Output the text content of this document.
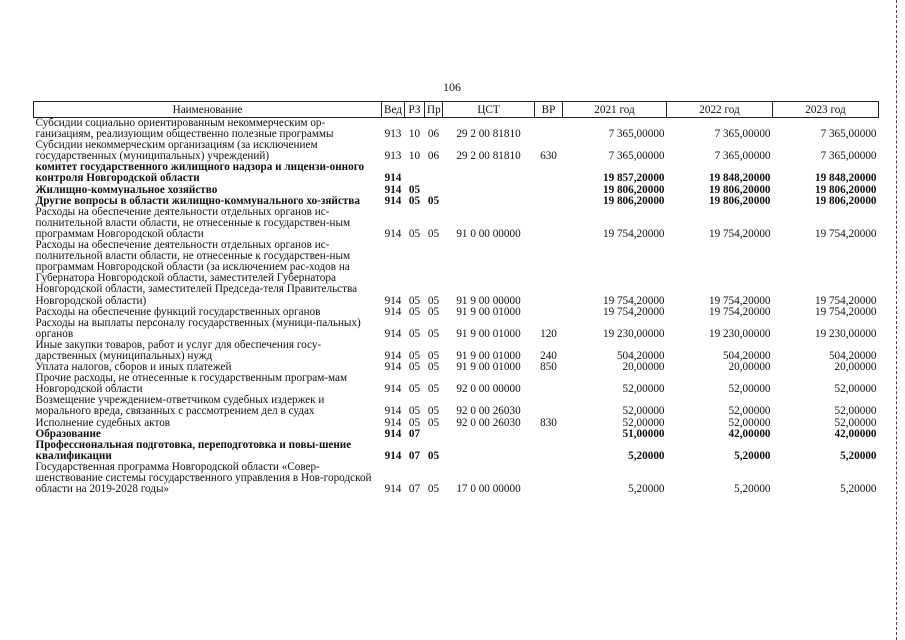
106
Наименование	Вед	РЗ	Пр	ЦСТ	ВР	2021 год	2022 год	2023 год
Субсидии социально ориентированным некоммерческим ор-ганизациям, реализующим общественно полезные программы	913	10	06	29 2 00 81810		7 365,00000	7 365,00000	7 365,00000
Субсидии некоммерческим организациям (за исключением государственных (муниципальных) учреждений)	913	10	06	29 2 00 81810	630	7 365,00000	7 365,00000	7 365,00000
комитет государственного жилищного надзора и лицензи-онного контроля Новгородской области	914					19 857,20000	19 848,20000	19 848,20000
Жилищно-коммунальное хозяйство	914	05				19 806,20000	19 806,20000	19 806,20000
Другие вопросы в области жилищно-коммунального хо-зяйства	914	05	05			19 806,20000	19 806,20000	19 806,20000
Расходы на обеспечение деятельности отдельных органов ис-полнительной власти области, не отнесенные к государствен-ным программам Новгородской области	914	05	05	91 0 00 00000		19 754,20000	19 754,20000	19 754,20000
Расходы на обеспечение деятельности отдельных органов ис-полнительной власти области, не отнесенные к государствен-ным программам Новгородской области (за исключением рас-ходов на Губернатора Новгородской области, заместителей Губернатора Новгородской области, заместителей Председа-теля Правительства Новгородской области)	914	05	05	91 9 00 00000		19 754,20000	19 754,20000	19 754,20000
Расходы на обеспечение функций государственных органов	914	05	05	91 9 00 01000		19 754,20000	19 754,20000	19 754,20000
Расходы на выплаты персоналу государственных (муници-пальных) органов	914	05	05	91 9 00 01000	120	19 230,00000	19 230,00000	19 230,00000
Иные закупки товаров, работ и услуг для обеспечения госу-дарственных (муниципальных) нужд	914	05	05	91 9 00 01000	240	504,20000	504,20000	504,20000
Уплата налогов, сборов и иных платежей	914	05	05	91 9 00 01000	850	20,00000	20,00000	20,00000
Прочие расходы, не отнесенные к государственным програм-мам Новгородской области	914	05	05	92 0 00 00000		52,00000	52,00000	52,00000
Возмещение учреждением-ответчиком судебных издержек и морального вреда, связанных с рассмотрением дел в судах	914	05	05	92 0 00 26030		52,00000	52,00000	52,00000
Исполнение судебных актов	914	05	05	92 0 00 26030	830	52,00000	52,00000	52,00000
Образование	914	07				51,00000	42,00000	42,00000
Профессиональная подготовка, переподготовка и повы-шение квалификации	914	07	05			5,20000	5,20000	5,20000
Государственная программа Новгородской области «Совер-шенствование системы государственного управления в Нов-городской области на 2019-2028 годы»	914	07	05	17 0 00 00000		5,20000	5,20000	5,20000
